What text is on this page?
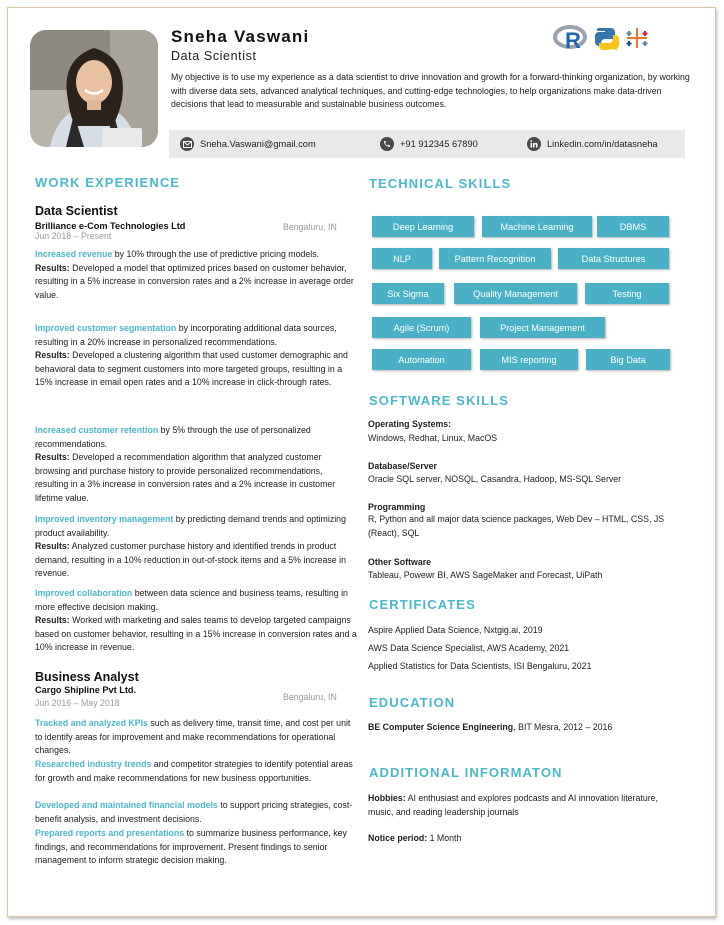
Sneha Vaswani
Data Scientist
R
My objective is to use my experience as a data scientist to drive innovation and growth for a forward-thinking organization, by working with diverse data sets, advanced analytical techniques, and cutting-edge technologies, to help organizations make data-driven decisions that lead to measurable and sustainable business outcomes.
Sneha.Vaswani@gmail.com	+91 912345 67890	Linkedin.com/in/datasneha
WORK EXPERIENCE
Data Scientist
Brilliance e-Com Technologies Ltd	Bengaluru, IN
Jun 2018 – Present
Increased revenue by 10% through the use of predictive pricing models.
Results: Developed a model that optimized prices based on customer behavior, resulting in a 5% increase in conversion rates and a 2% increase in average order value.
Improved customer segmentation by incorporating additional data sources, resulting in a 20% increase in personalized recommendations.
Results: Developed a clustering algorithm that used customer demographic and behavioral data to segment customers into more targeted groups, resulting in a 15% increase in email open rates and a 10% increase in click-through rates.
Increased customer retention by 5% through the use of personalized recommendations.
Results: Developed a recommendation algorithm that analyzed customer browsing and purchase history to provide personalized recommendations, resulting in a 3% increase in conversion rates and a 2% increase in customer lifetime value.
Improved inventory management by predicting demand trends and optimizing product availability.
Results: Analyzed customer purchase history and identified trends in product demand, resulting in a 10% reduction in out-of-stock items and a 5% increase in revenue.
Improved collaboration between data science and business teams, resulting in more effective decision making.
Results: Worked with marketing and sales teams to develop targeted campaigns based on customer behavior, resulting in a 15% increase in conversion rates and a 10% increase in revenue.
Business Analyst
Cargo Shipline Pvt Ltd.
Bengaluru, IN
Jun 2016 – May 2018
Tracked and analyzed KPIs such as delivery time, transit time, and cost per unit to identify areas for improvement and make recommendations for operational changes.
Researched industry trends and competitor strategies to identify potential areas for growth and make recommendations for new business opportunities.
Developed and maintained financial models to support pricing strategies, cost-benefit analysis, and investment decisions.
Prepared reports and presentations to summarize business performance, key findings, and recommendations for improvement. Present findings to senior management to inform strategic decision making.
TECHNICAL SKILLS
Deep Learning	Machine Learning	DBMS
NLP	Pattern Recognition	Data Structures
Six Sigma	Quality Management	Testing
Agile (Scrum)	Project Management
Automation	MIS reporting	Big Data
SOFTWARE SKILLS
Operating Systems:
Windows, Redhat, Linux, MacOS
Database/Server
Oracle SQL server, NOSQL, Casandra, Hadoop, MS-SQL Server
Programming
R, Python and all major data science packages, Web Dev – HTML, CSS, JS (React), SQL
Other Software
Tableau, Powewr BI, AWS SageMaker and Forecast, UiPath
CERTIFICATES
Aspire Applied Data Science, Nxtgig.ai, 2019
AWS Data Science Specialist, AWS Academy, 2021
Applied Statistics for Data Scientists, ISI Bengaluru, 2021
EDUCATION
BE Computer Science Engineering, BIT Mesra, 2012 – 2016
ADDITIONAL INFORMATON
Hobbies: AI enthusiast and explores podcasts and AI innovation literature, music, and reading leadership journals
Notice period: 1 Month
